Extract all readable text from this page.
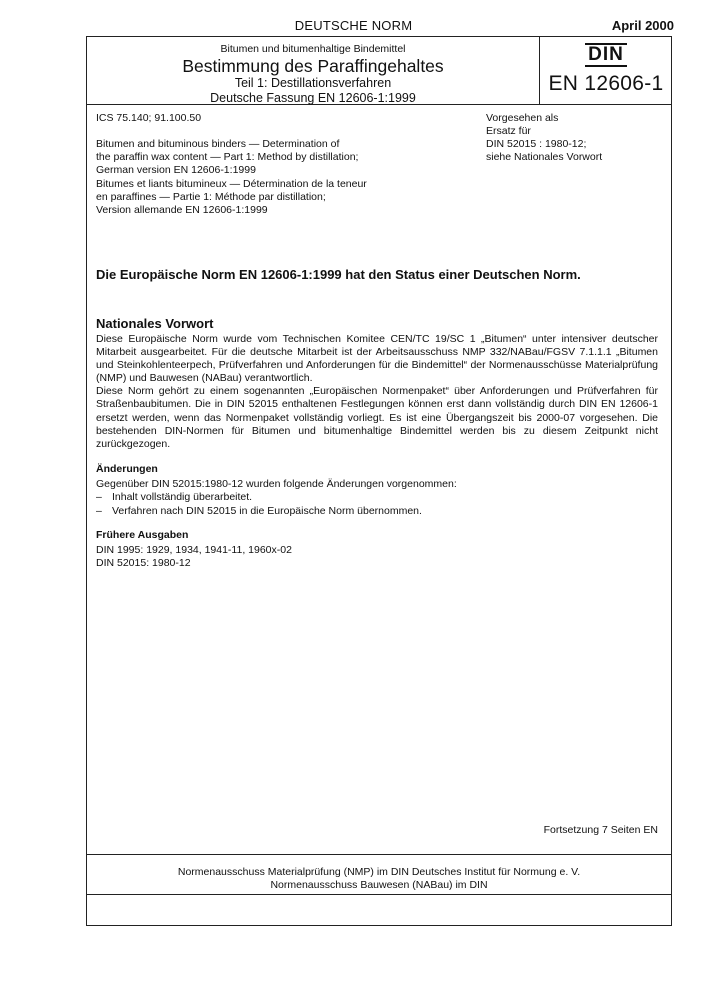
DEUTSCHE NORM	April 2000
Bitumen und bitumenhaltige Bindemittel
Bestimmung des Paraffingehaltes
Teil 1: Destillationsverfahren
Deutsche Fassung EN 12606-1:1999
DIN
EN 12606-1
ICS 75.140; 91.100.50
Bitumen and bituminous binders — Determination of
the paraffin wax content — Part 1: Method by distillation;
German version EN 12606-1:1999
Bitumes et liants bitumineux — Détermination de la teneur
en paraffines — Partie 1: Méthode par distillation;
Version allemande EN 12606-1:1999
Vorgesehen als
Ersatz für
DIN 52015 : 1980-12;
siehe Nationales Vorwort
Die Europäische Norm EN 12606-1:1999 hat den Status einer Deutschen Norm.
Nationales Vorwort

Diese Europäische Norm wurde vom Technischen Komitee CEN/TC 19/SC 1 „Bitumen“ unter intensiver deutscher Mitarbeit ausgearbeitet. Für die deutsche Mitarbeit ist der Arbeitsausschuss NMP 332/NABau/FGSV 7.1.1.1 „Bitumen und Steinkohlenteerpech, Prüfverfahren und Anforderungen für die Bindemittel“ der Normenausschüsse Materialprüfung (NMP) und Bauwesen (NABau) verantwortlich.

Diese Norm gehört zu einem sogenannten „Europäischen Normenpaket“ über Anforderungen und Prüfverfahren für Straßenbaubitumen. Die in DIN 52015 enthaltenen Festlegungen können erst dann vollständig durch DIN EN 12606-1 ersetzt werden, wenn das Normenpaket vollständig vorliegt. Es ist eine Übergangszeit bis 2000-07 vorgesehen. Die bestehenden DIN-Normen für Bitumen und bitumenhaltige Bindemittel werden bis zu diesem Zeitpunkt nicht zurückgezogen.

Änderungen
Gegenüber DIN 52015:1980-12 wurden folgende Änderungen vorgenommen:
– Inhalt vollständig überarbeitet.
– Verfahren nach DIN 52015 in die Europäische Norm übernommen.
Frühere Ausgaben
DIN 1995: 1929, 1934, 1941-11, 1960x-02
DIN 52015: 1980-12
Fortsetzung 7 Seiten EN
Normenausschuss Materialprüfung (NMP) im DIN Deutsches Institut für Normung e. V.
Normenausschuss Bauwesen (NABau) im DIN
